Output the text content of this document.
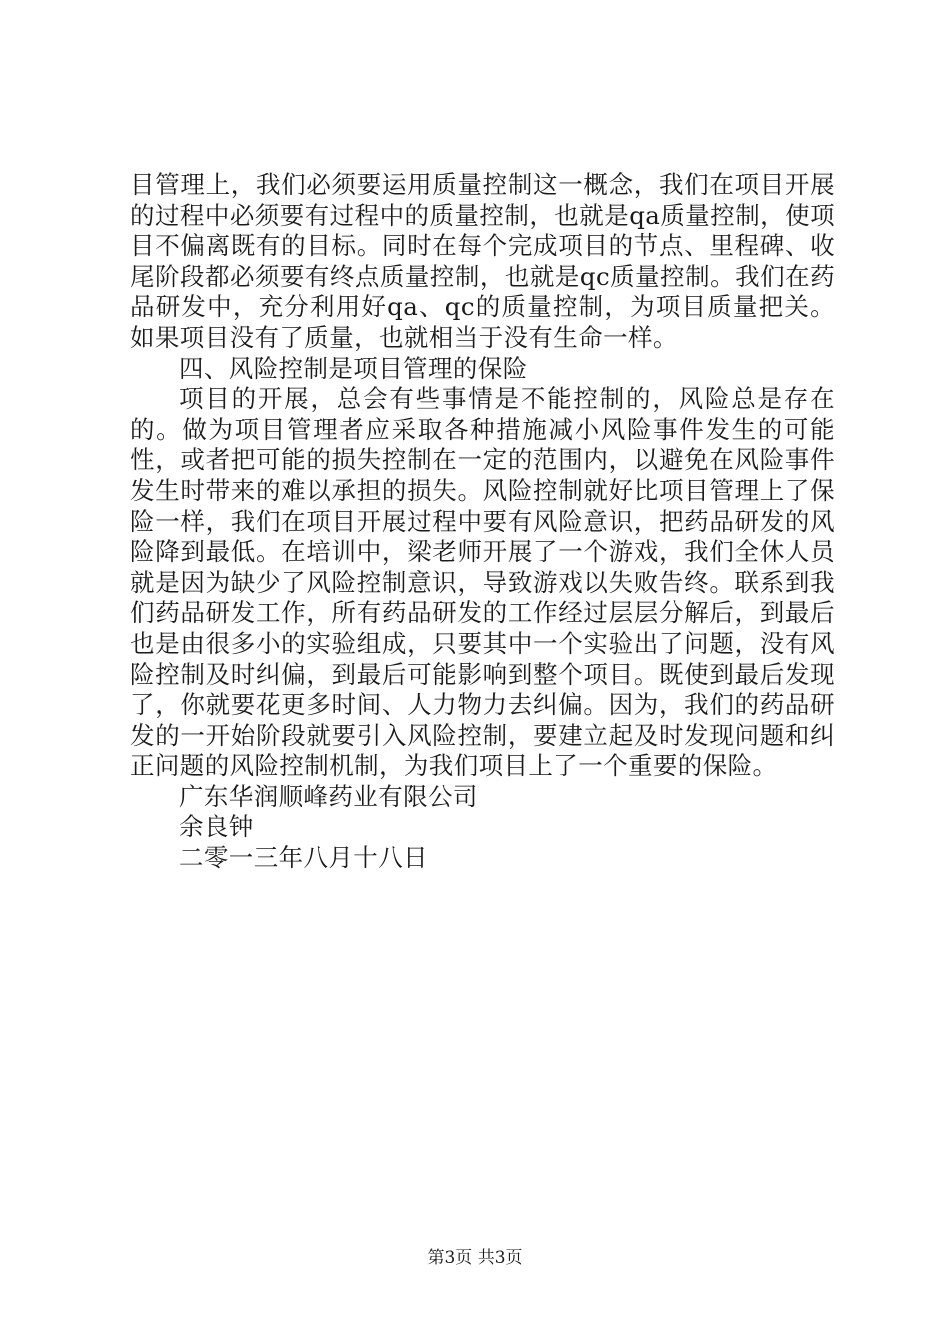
目管理上，我们必须要运用质量控制这一概念，我们在项目开展的过程中必须要有过程中的质量控制，也就是qa质量控制，使项目不偏离既有的目标。同时在每个完成项目的节点、里程碑、收尾阶段都必须要有终点质量控制，也就是qc质量控制。我们在药品研发中，充分利用好qa、qc的质量控制，为项目质量把关。如果项目没有了质量，也就相当于没有生命一样。

四、风险控制是项目管理的保险

项目的开展，总会有些事情是不能控制的，风险总是存在的。做为项目管理者应采取各种措施减小风险事件发生的可能性，或者把可能的损失控制在一定的范围内，以避免在风险事件发生时带来的难以承担的损失。风险控制就好比项目管理上了保险一样，我们在项目开展过程中要有风险意识，把药品研发的风险降到最低。在培训中，梁老师开展了一个游戏，我们全休人员就是因为缺少了风险控制意识，导致游戏以失败告终。联系到我们药品研发工作，所有药品研发的工作经过层层分解后，到最后也是由很多小的实验组成，只要其中一个实验出了问题，没有风险控制及时纠偏，到最后可能影响到整个项目。既使到最后发现了，你就要花更多时间、人力物力去纠偏。因为，我们的药品研发的一开始阶段就要引入风险控制，要建立起及时发现问题和纠正问题的风险控制机制，为我们项目上了一个重要的保险。

广东华润顺峰药业有限公司

余良钟

二零一三年八月十八日

第3页 共3页
